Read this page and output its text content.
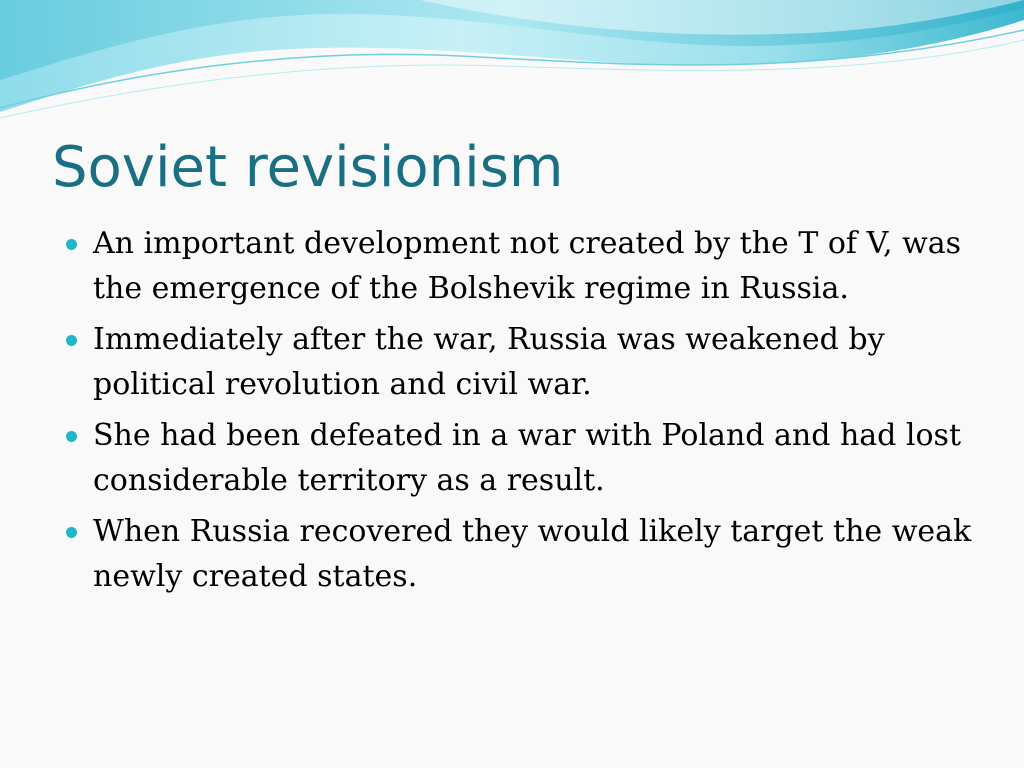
Soviet revisionism
An important development not created by the T of V, was the emergence of the Bolshevik regime in Russia.
Immediately after the war, Russia was weakened by political revolution and civil war.
She had been defeated in a war with Poland and had lost considerable territory as a result.
When Russia recovered they would likely target the weak newly created states.
